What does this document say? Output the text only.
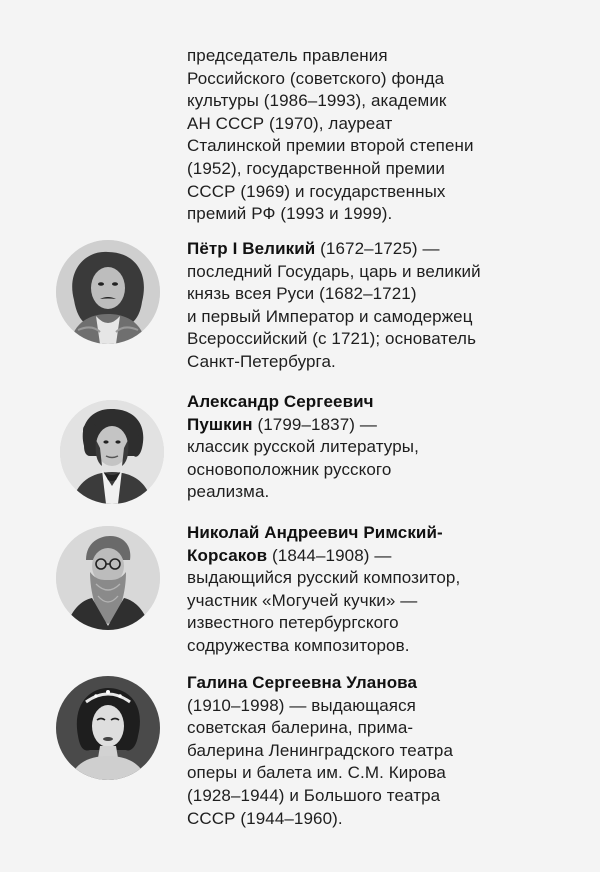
председатель правления
Российского (советского) фонда
культуры (1986–1993), академик
АН СССР (1970), лауреат
Сталинской премии второй степени
(1952), государственной премии
СССР (1969) и государственных
премий РФ (1993 и 1999).
Пётр I Великий (1672–1725) —
последний Государь, царь и великий
князь всея Руси (1682–1721)
и первый Император и самодержец
Всероссийский (с 1721); основатель
Санкт-Петербурга.
Александр Сергеевич
Пушкин (1799–1837) —
классик русской литературы,
основоположник русского
реализма.
Николай Андреевич Римский-
Корсаков (1844–1908) —
выдающийся русский композитор,
участник «Могучей кучки» —
известного петербургского
содружества композиторов.
Галина Сергеевна Уланова
(1910–1998) — выдающаяся
советская балерина, прима-
балерина Ленинградского театра
оперы и балета им. С.М. Кирова
(1928–1944) и Большого театра
СССР (1944–1960).
